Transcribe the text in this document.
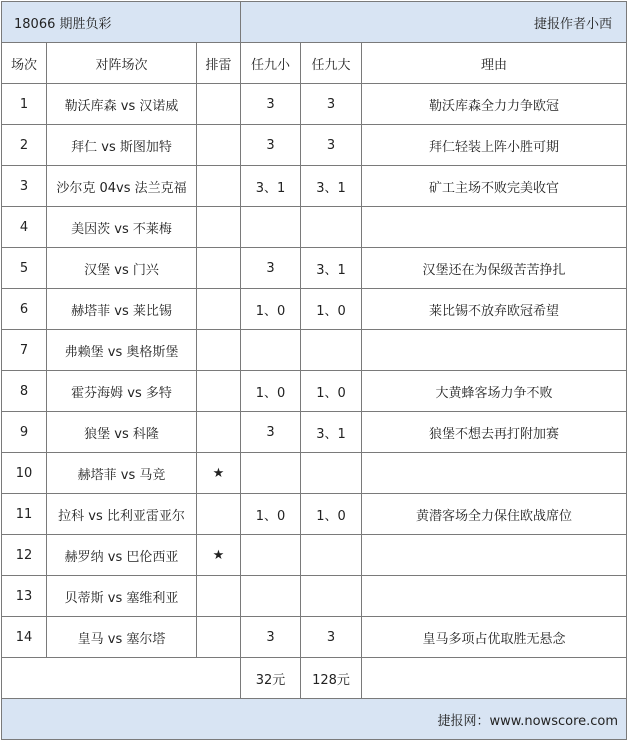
18066 期胜负彩			捷报作者小西		
场次	对阵场次	排雷	任九小	任九大	理由
1	勒沃库森 vs 汉诺威		3	3	勒沃库森全力力争欧冠
2	拜仁 vs 斯图加特		3	3	拜仁轻装上阵小胜可期
3	沙尔克 04vs 法兰克福		3、1	3、1	矿工主场不败完美收官
4	美因茨 vs 不莱梅				
5	汉堡 vs 门兴		3	3、1	汉堡还在为保级苦苦挣扎
6	赫塔菲 vs 莱比锡		1、0	1、0	莱比锡不放弃欧冠希望
7	弗赖堡 vs 奥格斯堡				
8	霍芬海姆 vs 多特		1、0	1、0	大黄蜂客场力争不败
9	狼堡 vs 科隆		3	3、1	狼堡不想去再打附加赛
10	赫塔菲 vs 马竞	★			
11	拉科 vs 比利亚雷亚尔		1、0	1、0	黄潜客场全力保住欧战席位
12	赫罗纳 vs 巴伦西亚	★			
13	贝蒂斯 vs 塞维利亚				
14	皇马 vs 塞尔塔		3	3	皇马多项占优取胜无悬念
			32元	128元	
捷报网：www.nowscore.com					
